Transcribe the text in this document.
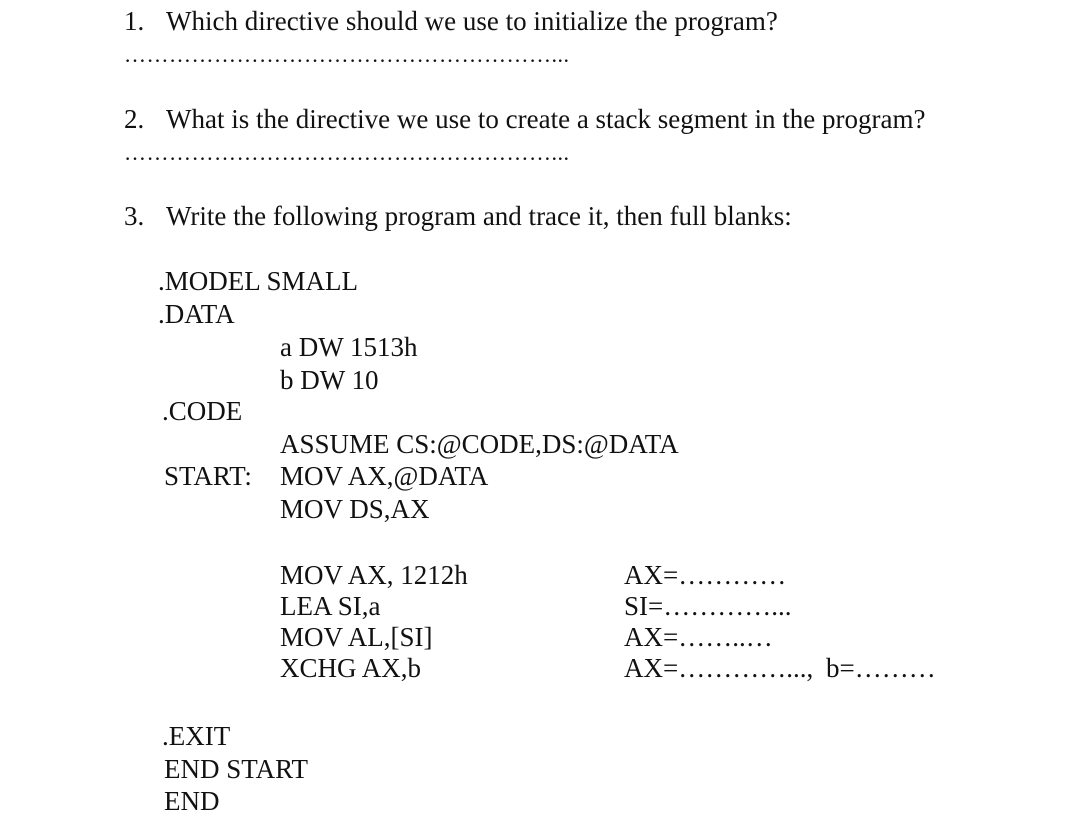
1. Which directive should we use to initialize the program?
…………………………………………………...
2. What is the directive we use to create a stack segment in the program?
…………………………………………………...
3. Write the following program and trace it, then full blanks:
.MODEL SMALL
.DATA
a DW 1513h
b DW 10
.CODE
ASSUME CS:@CODE,DS:@DATA
START: MOV AX,@DATA
MOV DS,AX
MOV AX, 1212h
LEA SI,a
MOV AL,[SI]
XCHG AX,b
.EXIT
END START
END
AX=…………
SI=…………...
AX=……..…
AX=…………..., b=………
